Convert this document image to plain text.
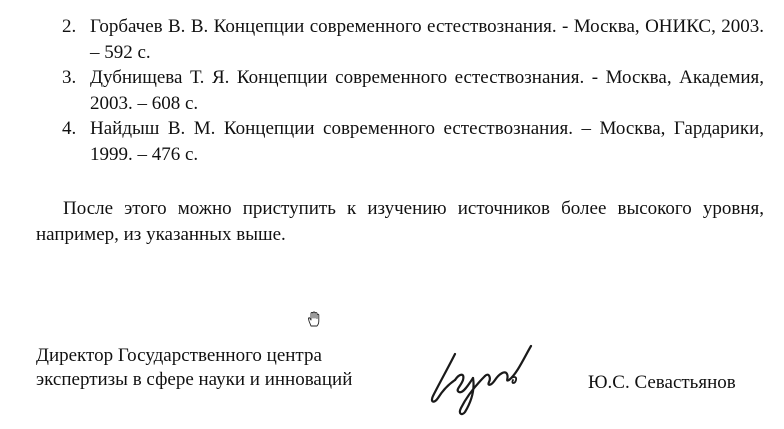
2. Горбачев В. В. Концепции современного естествознания. - Москва, ОНИКС, 2003. – 592 с.
3. Дубнищева Т. Я. Концепции современного естествознания. - Москва, Академия, 2003. – 608 с.
4. Найдыш В. М. Концепции современного естествознания. – Москва, Гардарики, 1999. – 476 с.

После этого можно приступить к изучению источников более высокого уровня, например, из указанных выше.

Директор Государственного центра
экспертизы в сфере науки и инноваций	Ю.С. Севастьянов
